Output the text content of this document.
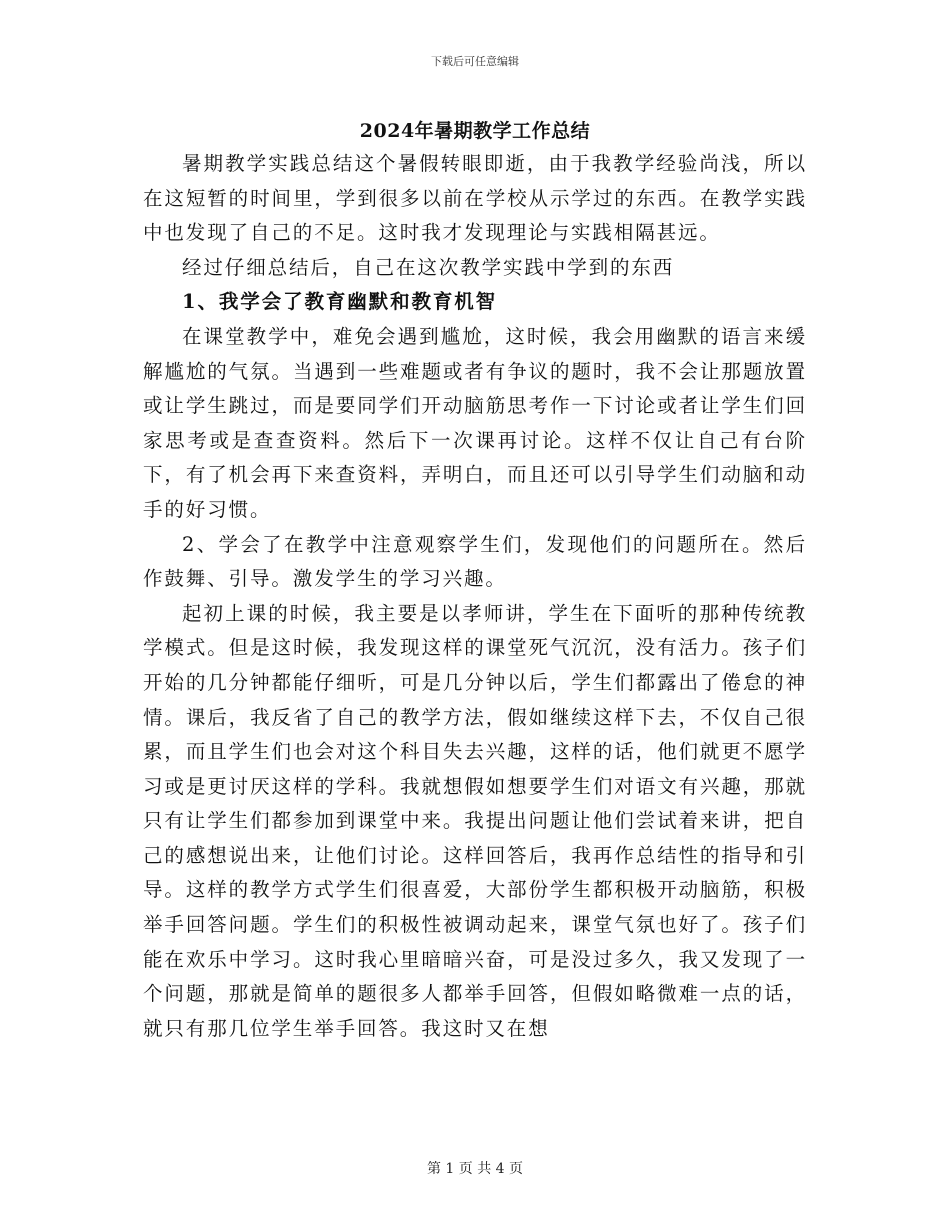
下载后可任意编辑
2024年暑期教学工作总结

暑期教学实践总结这个暑假转眼即逝，由于我教学经验尚浅，所以在这短暂的时间里，学到很多以前在学校从示学过的东西。在教学实践中也发现了自己的不足。这时我才发现理论与实践相隔甚远。

经过仔细总结后，自己在这次教学实践中学到的东西

1、我学会了教育幽默和教育机智

在课堂教学中，难免会遇到尴尬，这时候，我会用幽默的语言来缓解尴尬的气氛。当遇到一些难题或者有争议的题时，我不会让那题放置或让学生跳过，而是要同学们开动脑筋思考作一下讨论或者让学生们回家思考或是查查资料。然后下一次课再讨论。这样不仅让自己有台阶下，有了机会再下来查资料，弄明白，而且还可以引导学生们动脑和动手的好习惯。

2、学会了在教学中注意观察学生们，发现他们的问题所在。然后作鼓舞、引导。激发学生的学习兴趣。

起初上课的时候，我主要是以孝师讲，学生在下面听的那种传统教学模式。但是这时候，我发现这样的课堂死气沉沉，没有活力。孩子们开始的几分钟都能仔细听，可是几分钟以后，学生们都露出了倦怠的神情。课后，我反省了自己的教学方法，假如继续这样下去，不仅自己很累，而且学生们也会对这个科目失去兴趣，这样的话，他们就更不愿学习或是更讨厌这样的学科。我就想假如想要学生们对语文有兴趣，那就只有让学生们都参加到课堂中来。我提出问题让他们尝试着来讲，把自己的感想说出来，让他们讨论。这样回答后，我再作总结性的指导和引导。这样的教学方式学生们很喜爱，大部份学生都积极开动脑筋，积极举手回答问题。学生们的积极性被调动起来，课堂气氛也好了。孩子们能在欢乐中学习。这时我心里暗暗兴奋，可是没过多久，我又发现了一个问题，那就是简单的题很多人都举手回答，但假如略微难一点的话，就只有那几位学生举手回答。我这时又在想

第 1 页 共 4 页
